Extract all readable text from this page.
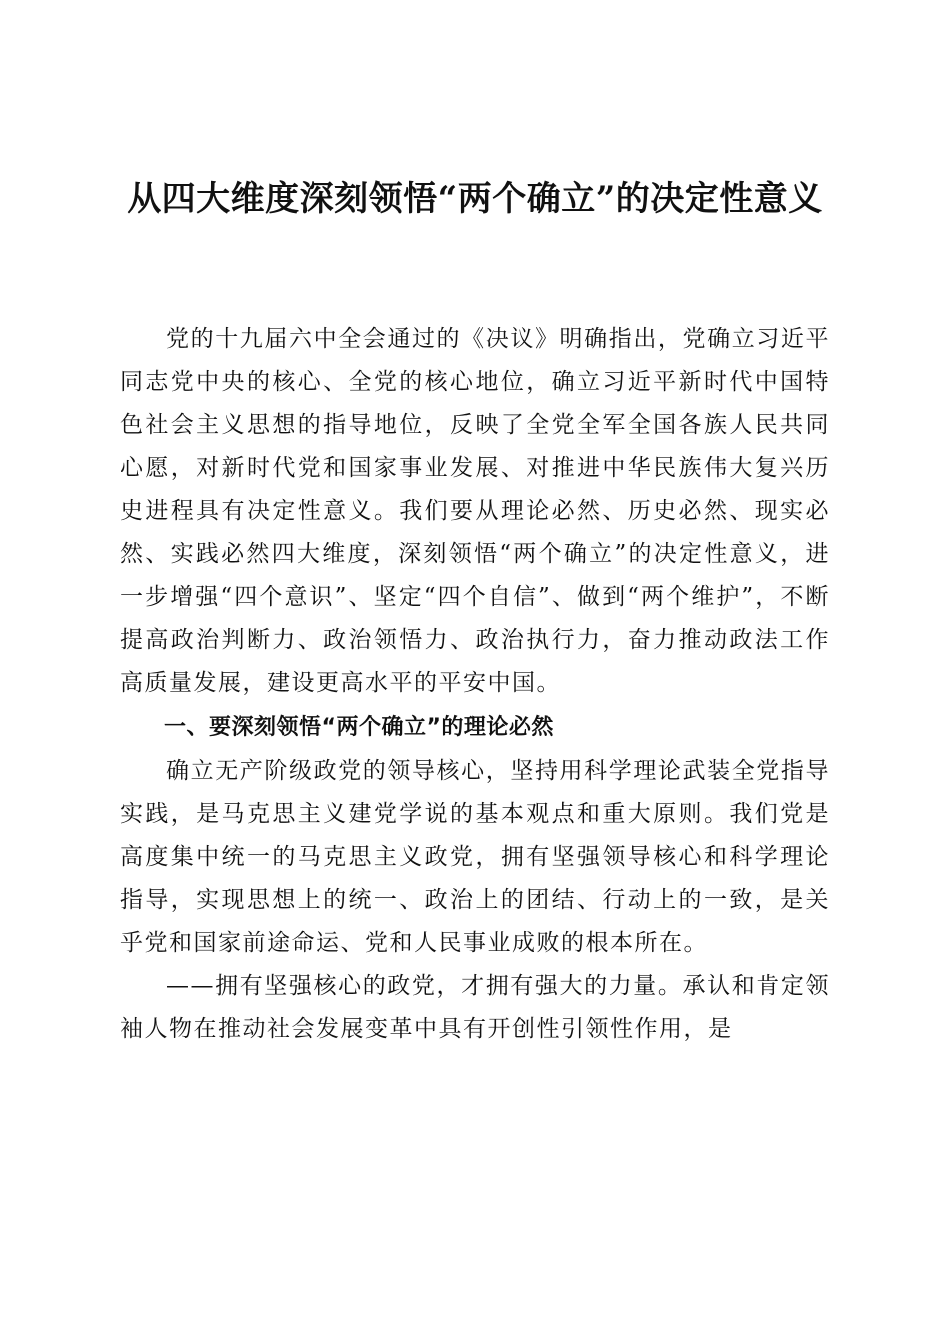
从四大维度深刻领悟“两个确立”的决定性意义

党的十九届六中全会通过的《决议》明确指出，党确立习近平同志党中央的核心、全党的核心地位，确立习近平新时代中国特色社会主义思想的指导地位，反映了全党全军全国各族人民共同心愿，对新时代党和国家事业发展、对推进中华民族伟大复兴历史进程具有决定性意义。我们要从理论必然、历史必然、现实必然、实践必然四大维度，深刻领悟“两个确立”的决定性意义，进一步增强“四个意识”、坚定“四个自信”、做到“两个维护”，不断提高政治判断力、政治领悟力、政治执行力，奋力推动政法工作高质量发展，建设更高水平的平安中国。

一、要深刻领悟“两个确立”的理论必然

确立无产阶级政党的领导核心，坚持用科学理论武装全党指导实践，是马克思主义建党学说的基本观点和重大原则。我们党是高度集中统一的马克思主义政党，拥有坚强领导核心和科学理论指导，实现思想上的统一、政治上的团结、行动上的一致，是关乎党和国家前途命运、党和人民事业成败的根本所在。

——拥有坚强核心的政党，才拥有强大的力量。承认和肯定领袖人物在推动社会发展变革中具有开创性引领性作用，是
